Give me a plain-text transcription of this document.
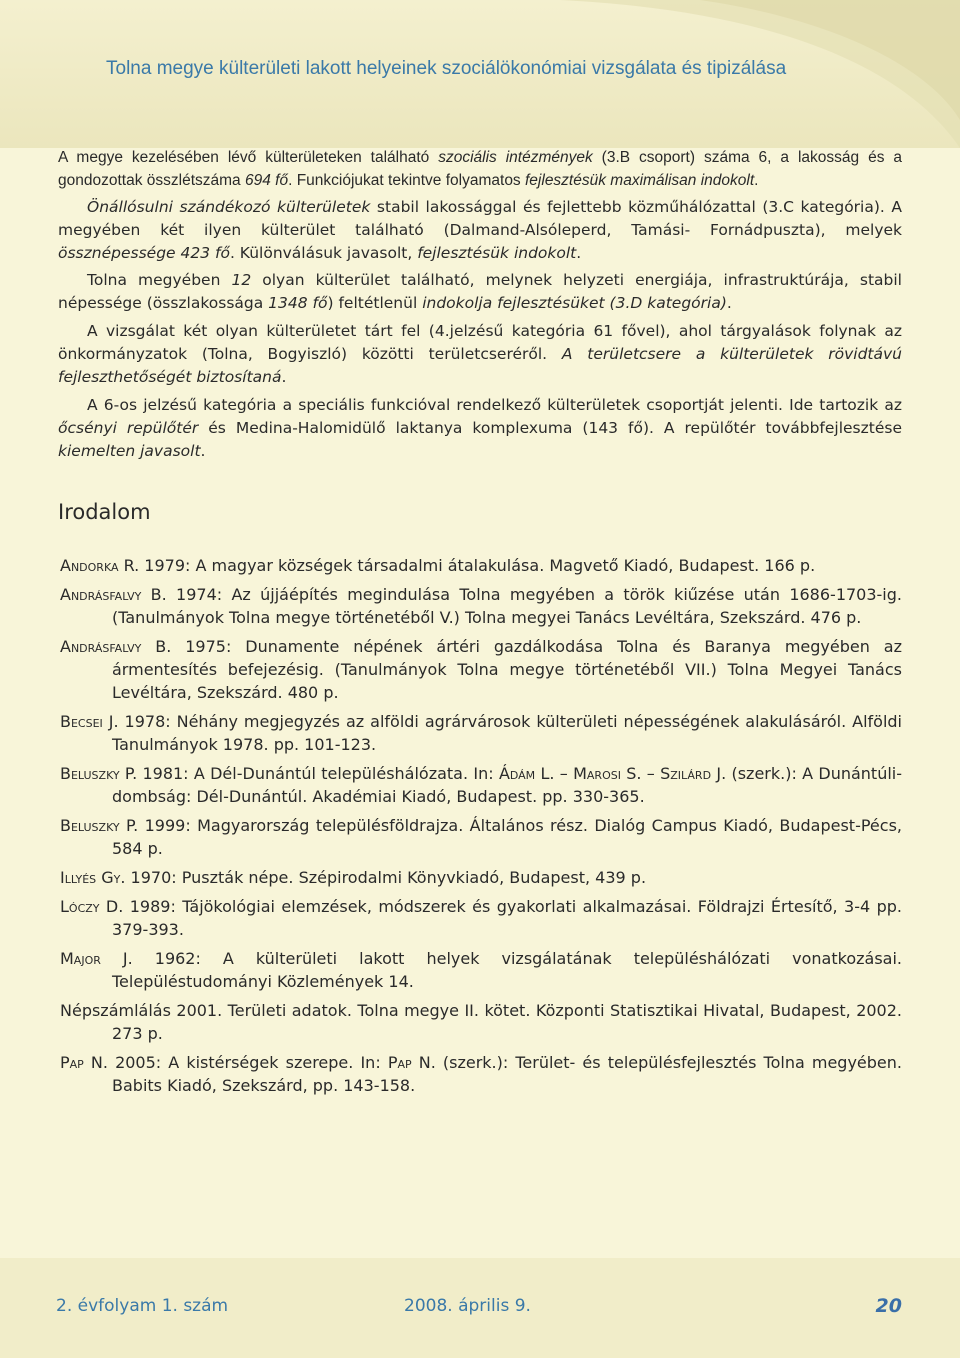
Tolna megye külterületi lakott helyeinek szociálökonómiai vizsgálata és tipizálása

A megye kezelésében lévő külterületeken található szociális intézmények (3.B csoport) száma 6, a lakosság és a gondozottak összlétszáma 694 fő. Funkciójukat tekintve folyamatos fejlesztésük maximálisan indokolt.

Önállósulni szándékozó külterületek stabil lakossággal és fejlettebb közműhálózattal (3.C kategória). A megyében két ilyen külterület található (Dalmand-Alsóleperd, Tamási- Fornádpuszta), melyek össznépessége 423 fő. Különválásuk javasolt, fejlesztésük indokolt.

Tolna megyében 12 olyan külterület található, melynek helyzeti energiája, infrastruktúrája, stabil népessége (összlakossága 1348 fő) feltétlenül indokolja fejlesztésüket (3.D kategória).

A vizsgálat két olyan külterületet tárt fel (4.jelzésű kategória 61 fővel), ahol tárgyalások folynak az önkormányzatok (Tolna, Bogyiszló) közötti területcseréről. A területcsere a külterületek rövidtávú fejleszthetőségét biztosítaná.

A 6-os jelzésű kategória a speciális funkcióval rendelkező külterületek csoportját jelenti. Ide tartozik az őcsényi repülőtér és Medina-Halomidülő laktanya komplexuma (143 fő). A repülőtér továbbfejlesztése kiemelten javasolt.

Irodalom
Andorka R. 1979: A magyar községek társadalmi átalakulása. Magvető Kiadó, Budapest. 166 p.
Andrásfalvy B. 1974: Az újjáépítés megindulása Tolna megyében a török kiűzése után 1686-1703-ig. (Tanulmányok Tolna megye történetéből V.) Tolna megyei Tanács Levéltára, Szekszárd. 476 p.
Andrásfalvy B. 1975: Dunamente népének ártéri gazdálkodása Tolna és Baranya megyében az ármentesítés befejezésig. (Tanulmányok Tolna megye történetéből VII.) Tolna Megyei Tanács Levéltára, Szekszárd. 480 p.
Becsei J. 1978: Néhány megjegyzés az alföldi agrárvárosok külterületi népességének alakulásáról. Alföldi Tanulmányok 1978. pp. 101-123.
Beluszky P. 1981: A Dél-Dunántúl településhálózata. In: Ádám L. – Marosi S. – Szilárd J. (szerk.): A Dunántúli-dombság: Dél-Dunántúl. Akadémiai Kiadó, Budapest. pp. 330-365.
Beluszky P. 1999: Magyarország településföldrajza. Általános rész. Dialóg Campus Kiadó, Budapest-Pécs, 584 p.
Illyés Gy. 1970: Puszták népe. Szépirodalmi Könyvkiadó, Budapest, 439 p.
Lóczy D. 1989: Tájökológiai elemzések, módszerek és gyakorlati alkalmazásai. Földrajzi Értesítő, 3-4 pp. 379-393.
Major J. 1962: A külterületi lakott helyek vizsgálatának településhálózati vonatkozásai. Településtudományi Közlemények 14.
Népszámlálás 2001. Területi adatok. Tolna megye II. kötet. Központi Statisztikai Hivatal, Budapest, 2002. 273 p.
Pap N. 2005: A kistérségek szerepe. In: Pap N. (szerk.): Terület- és településfejlesztés Tolna megyében. Babits Kiadó, Szekszárd, pp. 143-158.
2. évfolyam 1. szám	2008. április 9.	20
